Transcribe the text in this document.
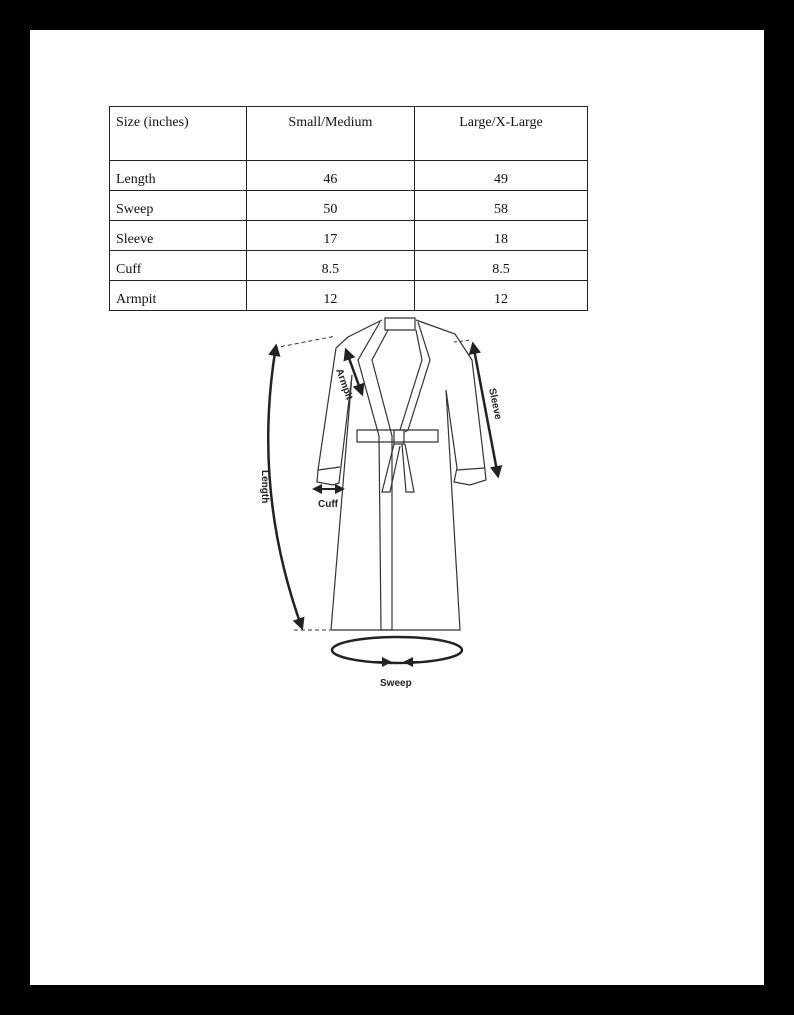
Size (inches)	Small/Medium	Large/X-Large
Length	46	49
Sweep	50	58
Sleeve	17	18
Cuff	8.5	8.5
Armpit	12	12
Length
Armpit
Sleeve
Cuff
Sweep
